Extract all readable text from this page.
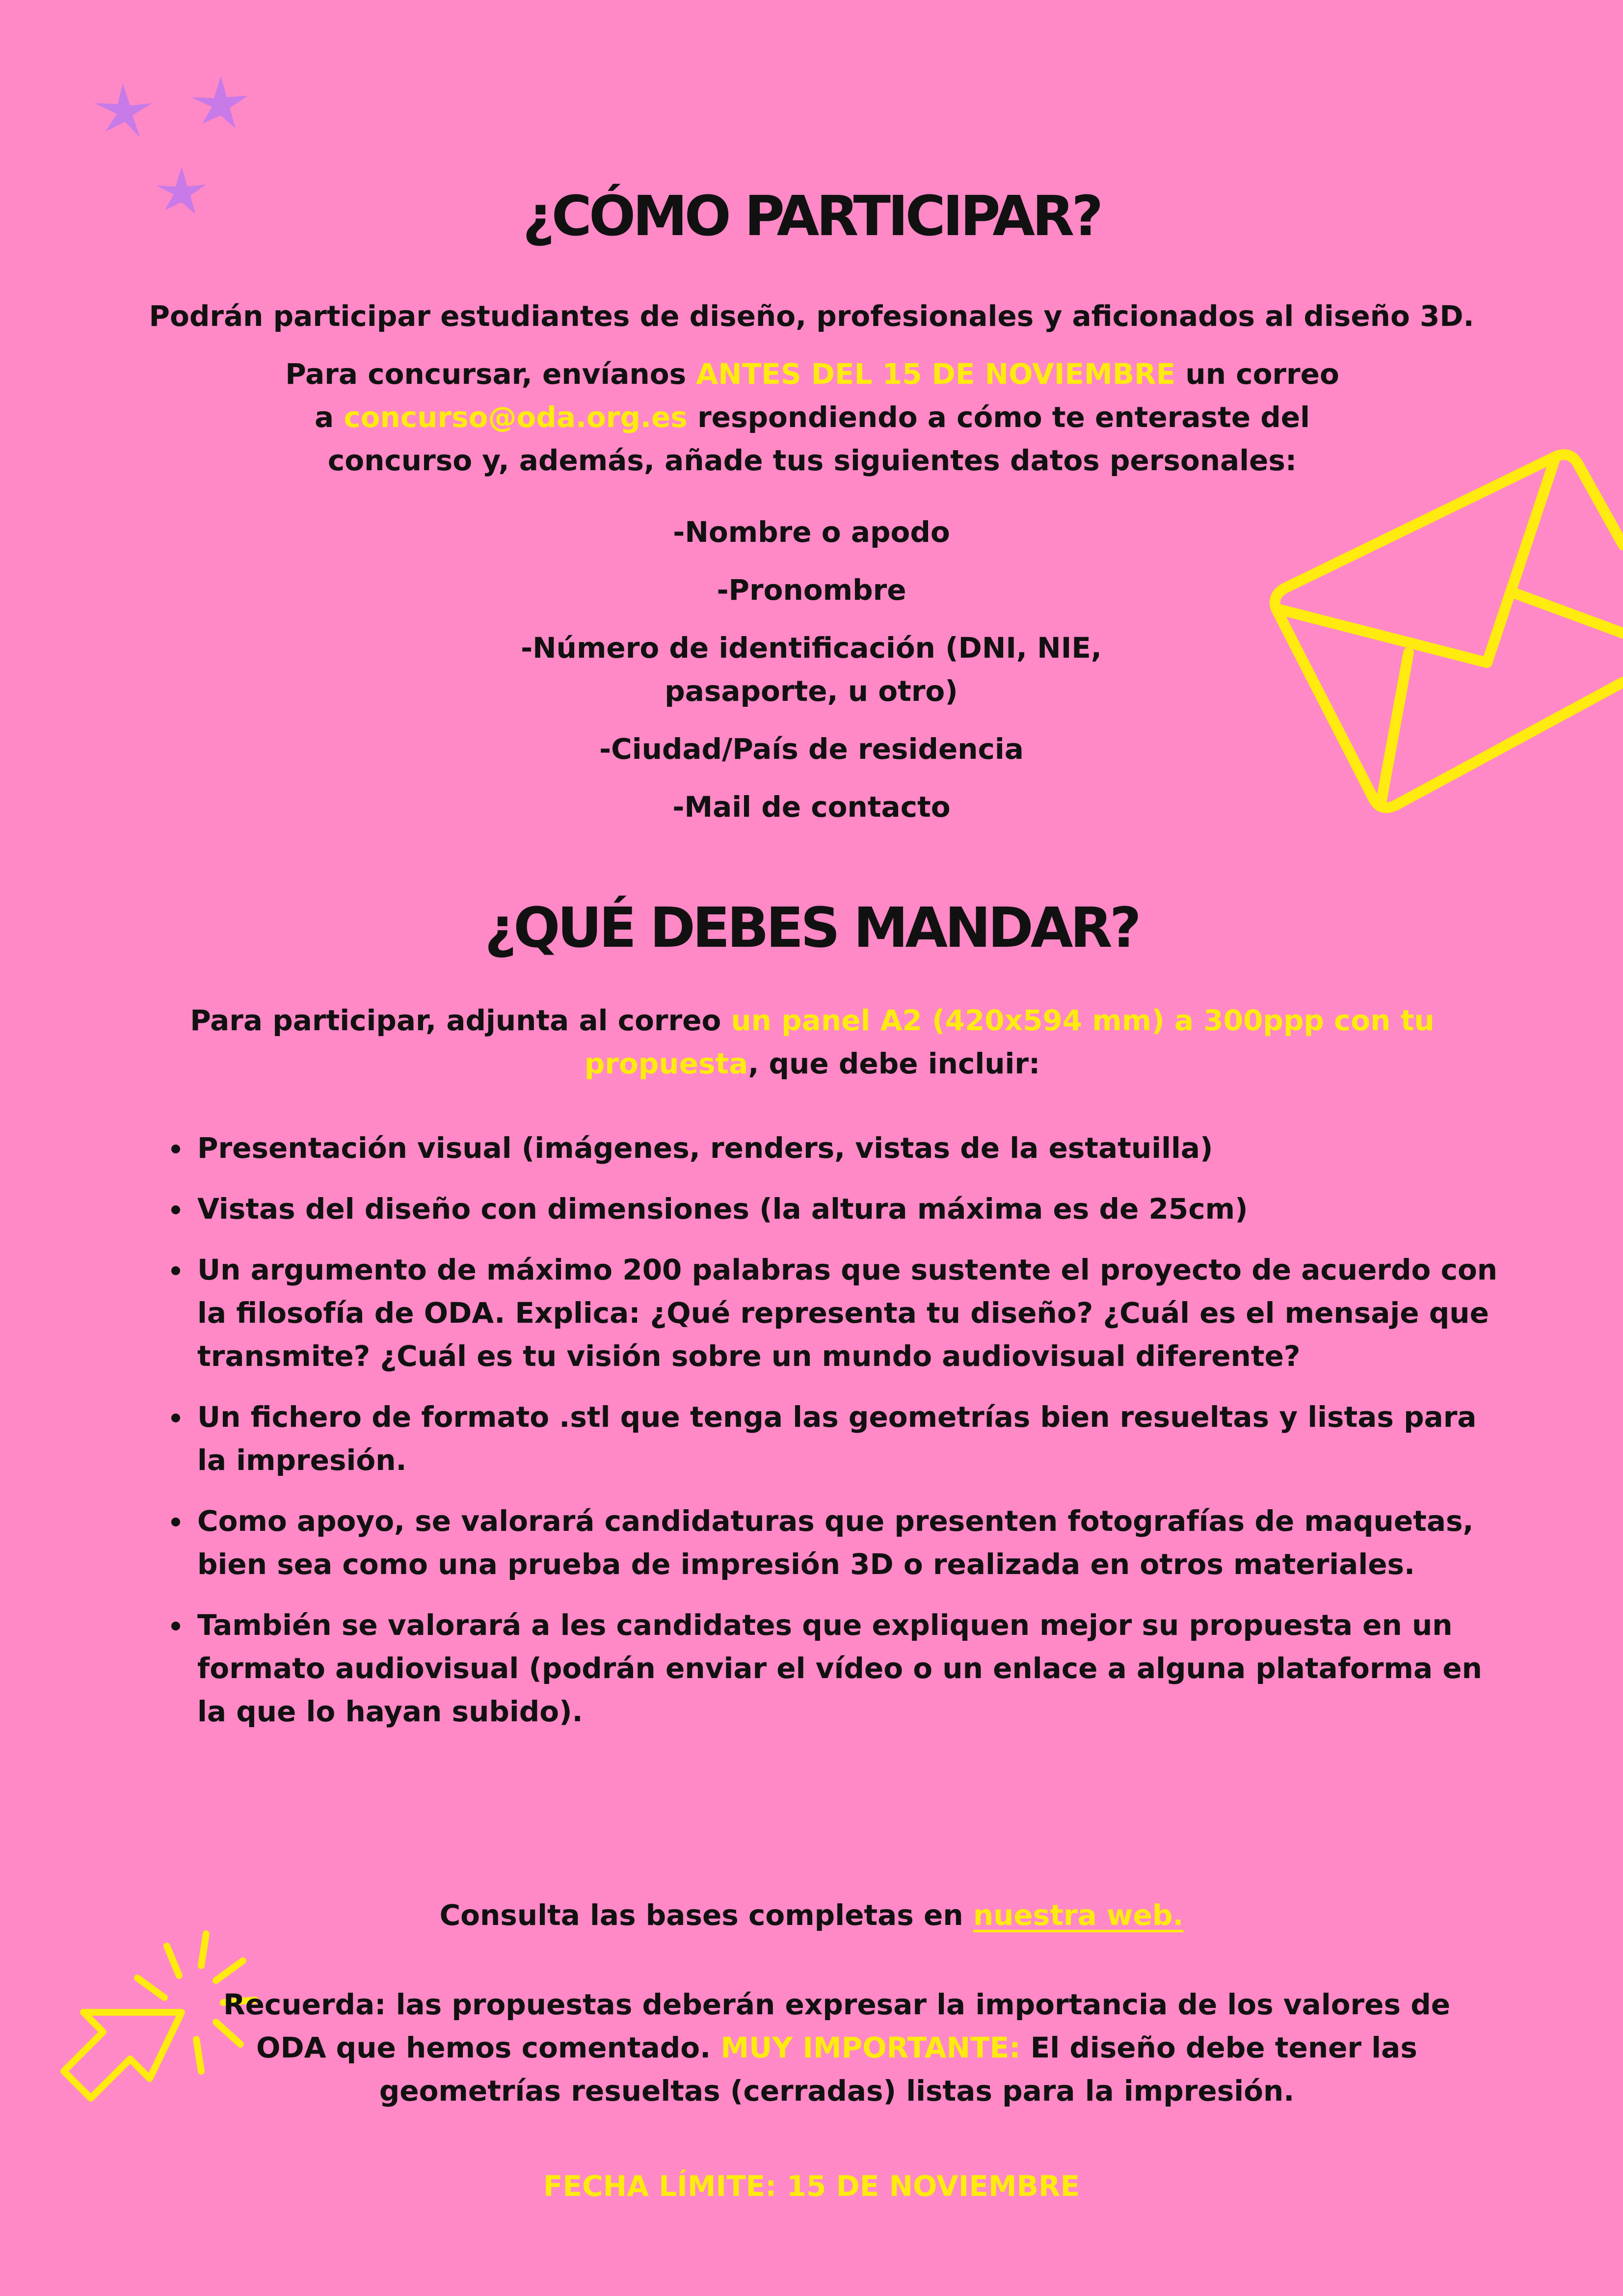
¿CÓMO PARTICIPAR?

Podrán participar estudiantes de diseño, profesionales y aficionados al diseño 3D.

Para concursar, envíanos ANTES DEL 15 DE NOVIEMBRE un correo a concurso@oda.org.es respondiendo a cómo te enteraste del concurso y, además, añade tus siguientes datos personales:

-Nombre o apodo
-Pronombre
-Número de identificación (DNI, NIE, pasaporte, u otro)
-Ciudad/País de residencia
-Mail de contacto
¿QUÉ DEBES MANDAR?

Para participar, adjunta al correo un panel A2 (420x594 mm) a 300ppp con tu propuesta, que debe incluir:

• Presentación visual (imágenes, renders, vistas de la estatuilla)
• Vistas del diseño con dimensiones (la altura máxima es de 25cm)
• Un argumento de máximo 200 palabras que sustente el proyecto de acuerdo con la filosofía de ODA. Explica: ¿Qué representa tu diseño? ¿Cuál es el mensaje que transmite? ¿Cuál es tu visión sobre un mundo audiovisual diferente?
• Un fichero de formato .stl que tenga las geometrías bien resueltas y listas para la impresión.
• Como apoyo, se valorará candidaturas que presenten fotografías de maquetas, bien sea como una prueba de impresión 3D o realizada en otros materiales.
• También se valorará a les candidates que expliquen mejor su propuesta en un formato audiovisual (podrán enviar el vídeo o un enlace a alguna plataforma en la que lo hayan subido).

Consulta las bases completas en nuestra web.

Recuerda: las propuestas deberán expresar la importancia de los valores de ODA que hemos comentado. MUY IMPORTANTE: El diseño debe tener las geometrías resueltas (cerradas) listas para la impresión.

FECHA LÍMITE: 15 DE NOVIEMBRE
